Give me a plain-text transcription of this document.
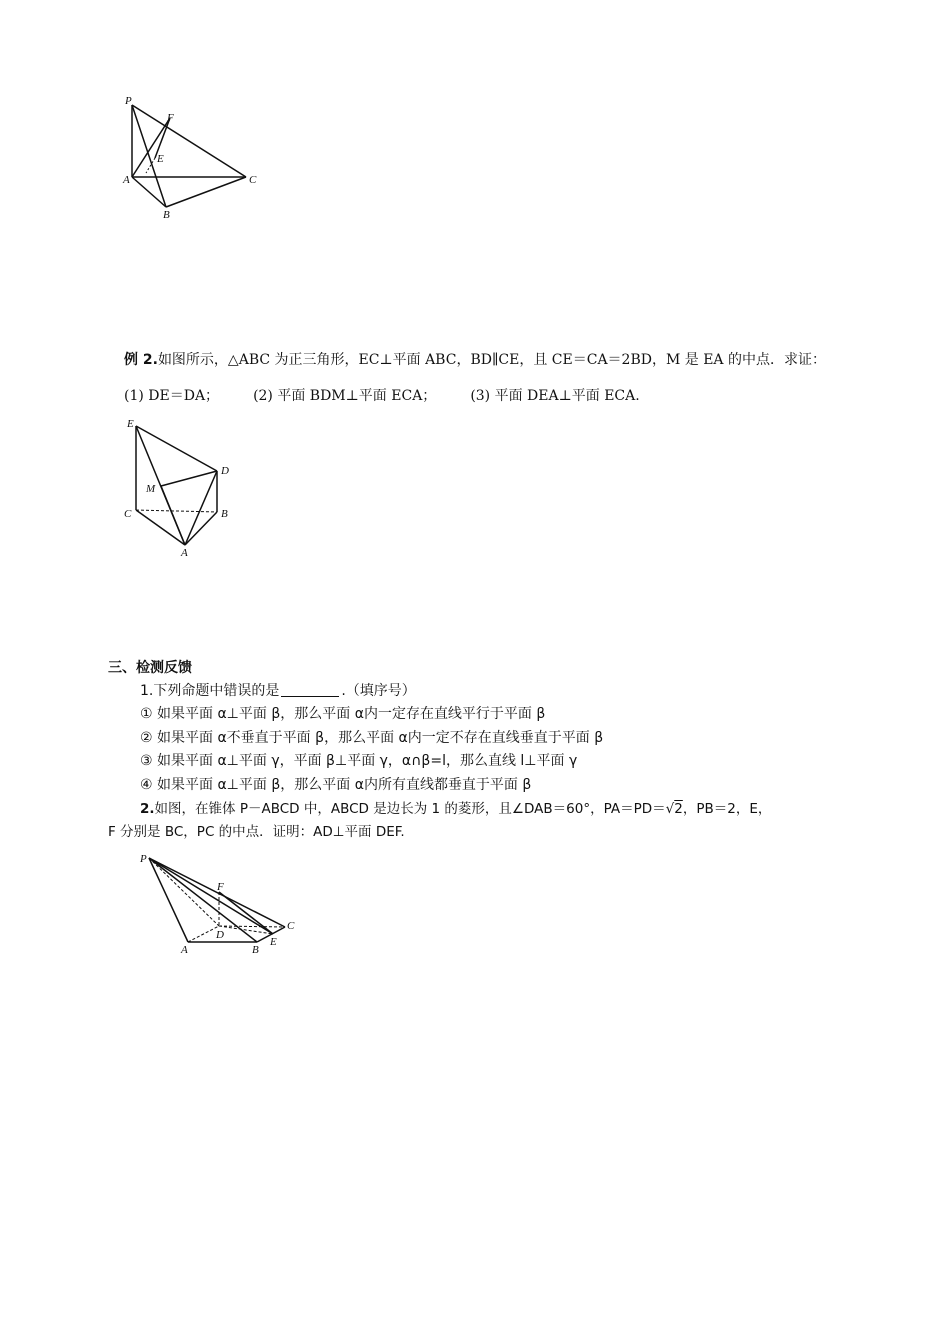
P
F
E
A	C
B
例 2.如图所示，△ABC 为正三角形，EC⊥平面 ABC，BD∥CE，且 CE＝CA＝2BD，M 是 EA 的中点．求证：
(1) DE＝DA； (2) 平面 BDM⊥平面 ECA； (3) 平面 DEA⊥平面 ECA.
E
D
M
C	B
A
三、检测反馈
1.下列命题中错误的是	.（填序号）
① 如果平面 α⊥平面 β，那么平面 α内一定存在直线平行于平面 β
② 如果平面 α不垂直于平面 β，那么平面 α内一定不存在直线垂直于平面 β
③ 如果平面 α⊥平面 γ，平面 β⊥平面 γ，α∩β=l，那么直线 l⊥平面 γ
④ 如果平面 α⊥平面 β，那么平面 α内所有直线都垂直于平面 β
2.如图，在锥体 P－ABCD 中，ABCD 是边长为 1 的菱形，且∠DAB＝60°，PA＝PD＝√2，PB＝2，E，
F 分别是 BC，PC 的中点．证明：AD⊥平面 DEF.
P
F
C
D
E
A	B
